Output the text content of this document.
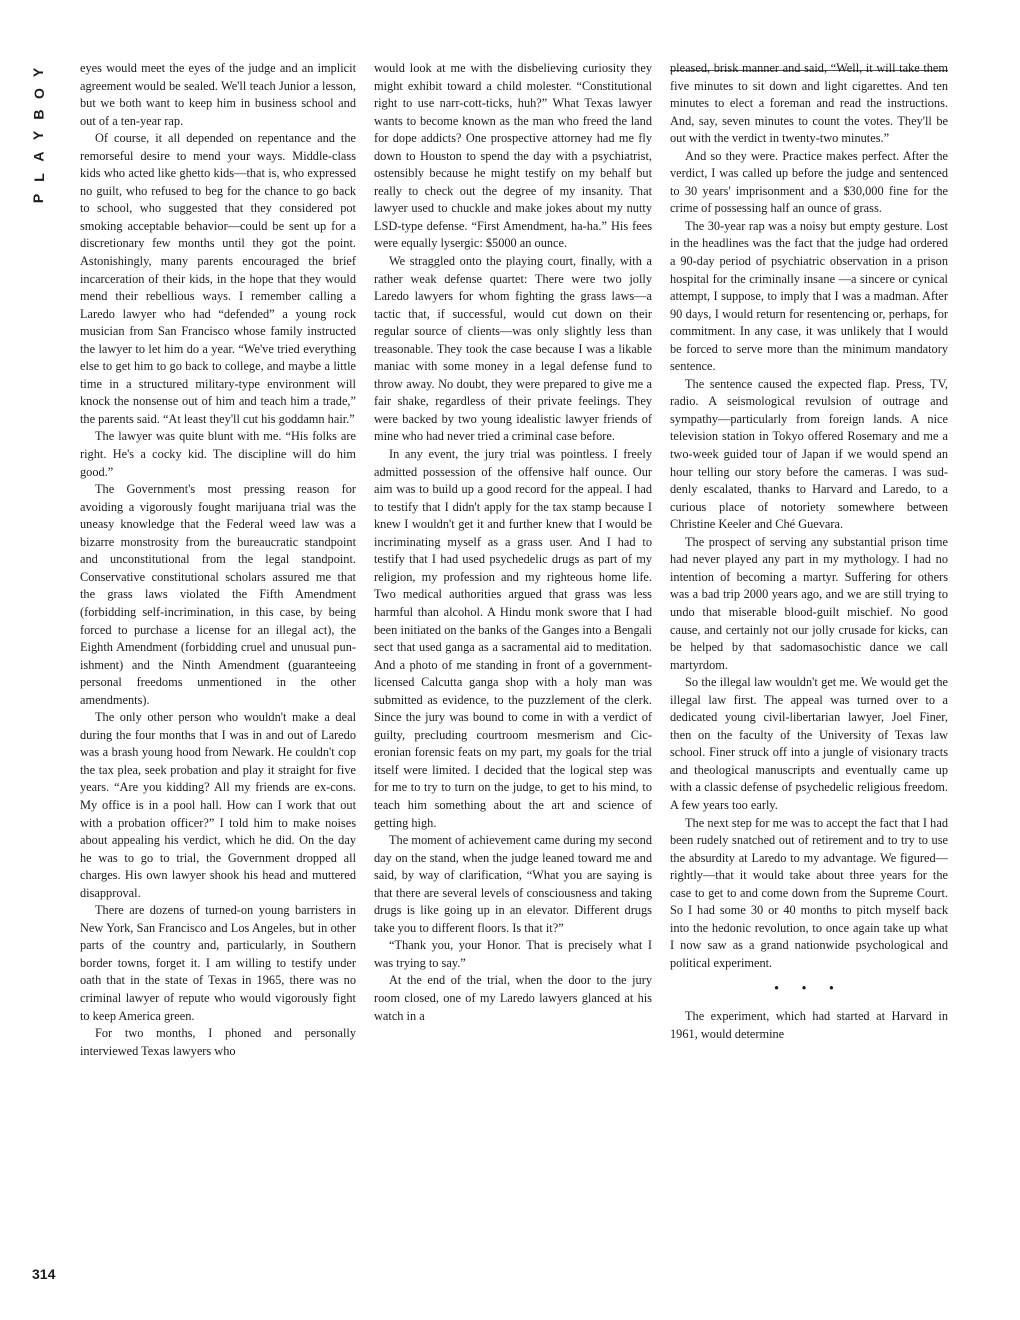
Y
O
B
Y
A
L
P

eyes would meet the eyes of the judge and an implicit agreement would be sealed. We'll teach Junior a lesson, but we both want to keep him in business school and out of a ten-year rap.

Of course, it all depended on repentance and the remorseful desire to mend your ways. Middle-class kids who acted like ghetto kids—that is, who expressed no guilt, who refused to beg for the chance to go back to school, who suggested that they considered pot smoking acceptable behavior—could be sent up for a discretionary few months until they got the point. Astonishingly, many parents encouraged the brief incarceration of their kids, in the hope that they would mend their rebellious ways. I remember calling a Laredo lawyer who had “defended” a young rock musician from San Francisco whose family instructed the lawyer to let him do a year. “We've tried everything else to get him to go back to college, and maybe a little time in a structured military-type environment will knock the nonsense out of him and teach him a trade,” the parents said. “At least they'll cut his goddamn hair.”

The lawyer was quite blunt with me. “His folks are right. He's a cocky kid. The discipline will do him good.”

The Government's most pressing reason for avoiding a vigorously fought marijuana trial was the uneasy knowledge that the Federal weed law was a bizarre monstrosity from the bureaucratic standpoint and unconstitutional from the legal standpoint. Conservative constitutional scholars assured me that the grass laws violated the Fifth Amendment (forbidding self-incrimination, in this case, by being forced to purchase a license for an illegal act), the Eighth Amendment (forbidding cruel and unusual punishment) and the Ninth Amendment (guaranteeing personal freedoms unmentioned in the other amendments).

The only other person who wouldn't make a deal during the four months that I was in and out of Laredo was a brash young hood from Newark. He couldn't cop the tax plea, seek probation and play it straight for five years. “Are you kidding? All my friends are ex-cons. My office is in a pool hall. How can I work that out with a probation officer?” I told him to make noises about appealing his verdict, which he did. On the day he was to go to trial, the Government dropped all charges. His own lawyer shook his head and muttered disapproval.

There are dozens of turned-on young barristers in New York, San Francisco and Los Angeles, but in other parts of the country and, particularly, in Southern border towns, forget it. I am willing to testify under oath that in the state of Texas in 1965, there was no criminal lawyer of repute who would vigorously fight to keep America green.

For two months, I phoned and personally interviewed Texas lawyers who

would look at me with the disbelieving curiosity they might exhibit toward a child molester. “Constitutional right to use narr-cott-ticks, huh?” What Texas lawyer wants to become known as the man who freed the land for dope addicts? One prospective attorney had me fly down to Houston to spend the day with a psychiatrist, ostensibly because he might testify on my behalf but really to check out the degree of my insanity. That lawyer used to chuckle and make jokes about my nutty LSD-type defense. “First Amendment, ha-ha.” His fees were equally lysergic: $5000 an ounce.

We straggled onto the playing court, finally, with a rather weak defense quartet: There were two jolly Laredo lawyers for whom fighting the grass laws—a tactic that, if successful, would cut down on their regular source of clients—was only slightly less than treasonable. They took the case because I was a likable maniac with some money in a legal defense fund to throw away. No doubt, they were prepared to give me a fair shake, regardless of their private feelings. They were backed by two young idealistic lawyer friends of mine who had never tried a criminal case before.

In any event, the jury trial was pointless. I freely admitted possession of the offensive half ounce. Our aim was to build up a good record for the appeal. I had to testify that I didn't apply for the tax stamp because I knew I wouldn't get it and further knew that I would be incriminating myself as a grass user. And I had to testify that I had used psychedelic drugs as part of my religion, my profession and my righteous home life. Two medical authorities argued that grass was less harmful than alcohol. A Hindu monk swore that I had been initiated on the banks of the Ganges into a Bengali sect that used ganga as a sacramental aid to meditation. And a photo of me standing in front of a government-licensed Calcutta ganga shop with a holy man was submitted as evidence, to the puzzlement of the clerk. Since the jury was bound to come in with a verdict of guilty, precluding courtroom mesmerism and Ciceronian forensic feats on my part, my goals for the trial itself were limited. I decided that the logical step was for me to try to turn on the judge, to get to his mind, to teach him something about the art and science of getting high.

The moment of achievement came during my second day on the stand, when the judge leaned toward me and said, by way of clarification, “What you are saying is that there are several levels of consciousness and taking drugs is like going up in an elevator. Different drugs take you to different floors. Is that it?”

“Thank you, your Honor. That is precisely what I was trying to say.”

At the end of the trial, when the door to the jury room closed, one of my Laredo lawyers glanced at his watch in a

pleased, brisk manner and said, “Well, it will take them five minutes to sit down and light cigarettes. And ten minutes to elect a foreman and read the instructions. And, say, seven minutes to count the votes. They'll be out with the verdict in twenty-two minutes.”

And so they were. Practice makes perfect. After the verdict, I was called up before the judge and sentenced to 30 years' imprisonment and a $30,000 fine for the crime of possessing half an ounce of grass.

The 30-year rap was a noisy but empty gesture. Lost in the headlines was the fact that the judge had ordered a 90-day period of psychiatric observation in a prison hospital for the criminally insane —a sincere or cynical attempt, I suppose, to imply that I was a madman. After 90 days, I would return for resentencing or, perhaps, for commitment. In any case, it was unlikely that I would be forced to serve more than the minimum mandatory sentence.

The sentence caused the expected flap. Press, TV, radio. A seismological revulsion of outrage and sympathy—particularly from foreign lands. A nice television station in Tokyo offered Rosemary and me a two-week guided tour of Japan if we would spend an hour telling our story before the cameras. I was suddenly escalated, thanks to Harvard and Laredo, to a curious place of notoriety somewhere between Christine Keeler and Ché Guevara.

The prospect of serving any substantial prison time had never played any part in my mythology. I had no intention of becoming a martyr. Suffering for others was a bad trip 2000 years ago, and we are still trying to undo that miserable blood-guilt mischief. No good cause, and certainly not our jolly crusade for kicks, can be helped by that sadomasochistic dance we call martyrdom.

So the illegal law wouldn't get me. We would get the illegal law first. The appeal was turned over to a dedicated young civil-libertarian lawyer, Joel Finer, then on the faculty of the University of Texas law school. Finer struck off into a jungle of visionary tracts and theological manuscripts and eventually came up with a classic defense of psychedelic religious freedom. A few years too early.

The next step for me was to accept the fact that I had been rudely snatched out of retirement and to try to use the absurdity at Laredo to my advantage. We figured—rightly—that it would take about three years for the case to get to and come down from the Supreme Court. So I had some 30 or 40 months to pitch myself back into the hedonic revolution, to once again take up what I now saw as a grand nationwide psychological and political experiment.

• • •

The experiment, which had started at Harvard in 1961, would determine

314
